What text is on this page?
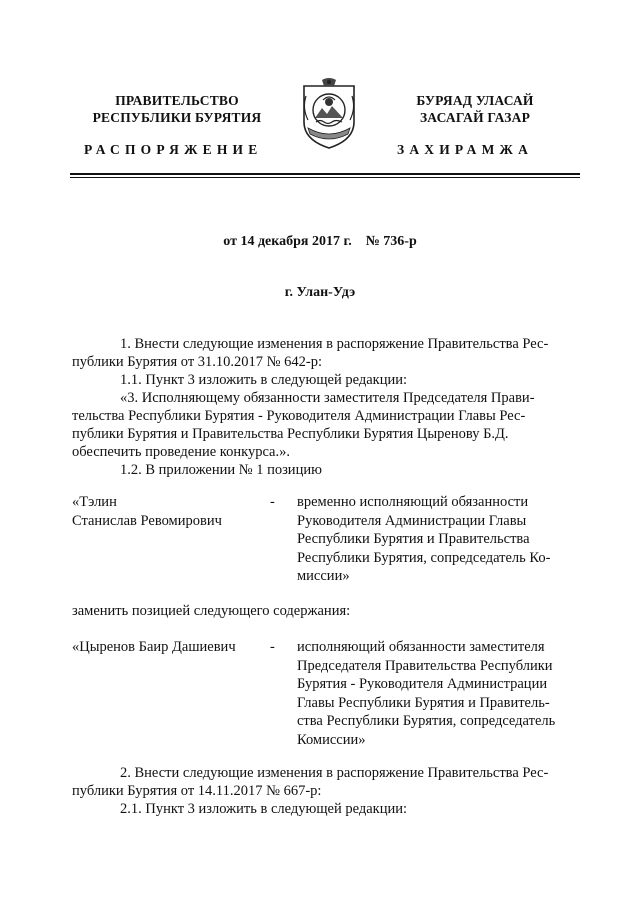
ПРАВИТЕЛЬСТВО
РЕСПУБЛИКИ БУРЯТИЯ
БУРЯАД УЛАСАЙ
ЗАСАГАЙ ГАЗАР
РАСПОРЯЖЕНИЕ	ЗАХИРАМЖА
от 14 декабря 2017 г.    № 736-р
г. Улан-Удэ
1. Внести следующие изменения в распоряжение Правительства Рес-
публики Бурятия от 31.10.2017 № 642-р:
1.1. Пункт 3 изложить в следующей редакции:
«3. Исполняющему обязанности заместителя Председателя Прави-
тельства Республики Бурятия - Руководителя Администрации Главы Рес-
публики Бурятия и Правительства Республики Бурятия Цыренову Б.Д.
обеспечить проведение конкурса.».
1.2. В приложении № 1 позицию
«Тэлин
Станислав Ревомирович
-	временно исполняющий обязанности
Руководителя Администрации Главы
Республики Бурятия и Правительства
Республики Бурятия, сопредседатель Ко-
миссии»
заменить позицией следующего содержания:
«Цыренов Баир Дашиевич	-	исполняющий обязанности заместителя
Председателя Правительства Республики
Бурятия - Руководителя Администрации
Главы Республики Бурятия и Правитель-
ства Республики Бурятия, сопредседатель
Комиссии»
2. Внести следующие изменения в распоряжение Правительства Рес-
публики Бурятия от 14.11.2017 № 667-р:
2.1. Пункт 3 изложить в следующей редакции:
